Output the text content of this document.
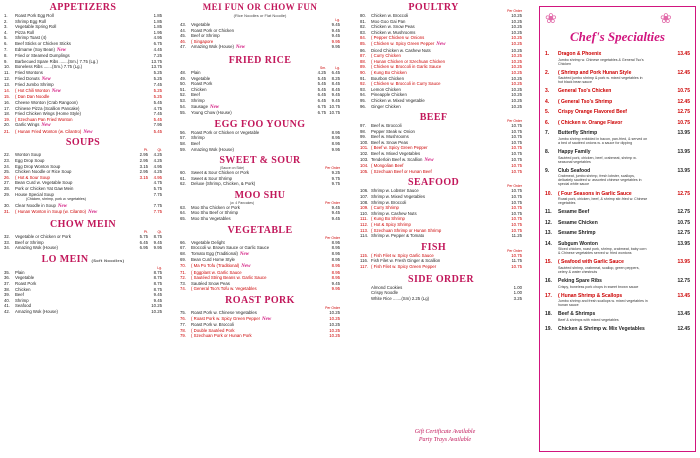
APPETIZERS
1.	Roast Pork Egg Roll	1.85
2.	Shrimp Egg Roll	1.85
3.	Vegetable Spring Roll	1.85
4.	Pizza Roll	1.95
5.	Shrimp Toast (4)	4.95
6.	Beef Sticks or Chicken Sticks	6.75
7.	Edmame (Soy Bean) New	4.45
8.	Fried or Steamed Dumplings	7.25
9.	Barbecued Spare Ribs .......(Sm.) 7.75 (Lg.)	13.75
10.	Boneless Ribs .......(Sm.) 7.75 (Lg.)	13.75
11.	Fried Wontons	5.25
12.	Fried Donuts New	5.25
13.	Fried Jumbo Shrimp	7.45
14.	( Hot Chili Wonton New	5.25
15.	( Dan Dan Noodle	5.25
16.	Cheese Wonton (Crab Rangoon)	5.45
17.	Chinese Pizza (Scallion Pancake)	4.75
18.	Fried Chicken Wings (Home Style)	7.45
19.	( Szechuan Pan Fried Wonton	5.45
20.	Garlic Wings New	7.95
21.	( Hunan Fried Wonton (w. Cilantro) New	5.45
SOUPS
Pt.	Qt.
22.	Wonton Soup	2.95	4.25
23.	Egg Drop Soup	2.95	4.25
24.	Egg Drop Wonton Soup	3.15	4.95
25.	Chicken Noodle or Rice Soup	2.95	4.25
26.	( Hot & Sour Soup	3.15	4.95
27.	Bean Curd w. Vegetable Soup	4.75
28.	Pork or Chicken Yat Gaw Mein	5.75
29.	House Special Soup	7.75
(Chicken, shrimp, pork w. vegetables)
30.	Clear Noodle in Soup New	7.75
31.	( Hunan Wonton in Soup (w. Cilantro) New	7.75
CHOW MEIN
Pt.	Qt.
32.	Vegetable or Chicken or Pork	5.75	8.75
33.	Beef or Shrimp	6.45	9.45
34.	Amazing Wok (House)	6.95	9.95
LO MEIN (Soft Noodles)
Lg.
35.	Plain	8.75
36.	Vegetable	8.75
37.	Roast Pork	8.75
38.	Chicken	8.75
39.	Beef	9.45
40.	Shrimp	9.45
41.	Seafood	10.25
42.	Amazing Wok (House)	10.25
MEI FUN OR CHOW FUN
(Rice Noodles or Flat Noodle)
Lg.
43.	Vegetable	9.45
44.	Roast Pork or Chicken	9.45
45.	Beef or Shrimp	9.45
46.	( Singapore	9.95
47.	Amazing Wok (House) New	9.95
FRIED RICE
Sm.	Lg.
48.	Plain	4.25	6.45
49.	Vegetable	5.45	8.25
50.	Roast Pork	5.45	8.45
51.	Chicken	5.45	8.45
52.	Beef	6.45	9.45
53.	Shrimp	6.45	9.45
54.	Sausage New	6.75 10.75
55.	Young Chow (House)	6.75 10.75
EGG FOO YOUNG
56.	Roast Pork or Chicken or Vegetable	8.95
57.	Shrimp	8.95
58.	Beef	8.95
59.	Amazing Wok (House)	9.95
SWEET & SOUR
(Sauce on Side)	Per Order
60.	Sweet & Sour Chicken or Pork	9.25
61.	Sweet & Sour Shrimp	9.75
62.	Deluxe (Shrimp, Chicken, & Pork)	9.75
MOO SHU
(w. 4 Pancakes)	Per Order
63.	Moo Shu Chicken or Pork	9.45
64.	Moo Shu Beef or Shrimp	9.45
65.	Moo Shu Vegetables	9.45
VEGETABLE
Per Order
66.	Vegetable Delight	8.95
67.	Broccoli w. Brown Sauce or Garlic Sauce	8.95
68.	Tomato Egg (Traditional) New	8.95
69.	Bean Curd Home Style	8.95
70.	( Ma Po Tofu (Traditional) New	8.95
71.	( Eggplant w. Garlic Sauce	8.95
72.	( Sautéed String Beans w. Garlic Sauce	8.95
73.	Sautéed Snow Peas	9.45
74.	( General Tso's Tofu w. Vegetables	9.95
ROAST PORK
Per Order
75.	Roast Pork w. Chinese Vegetables	10.25
76.	( Roast Pork w. Spicy Green Pepper New	10.25
77.	Roast Pork w. Broccoli	10.25
78.	( Double Sautéed Pork	10.25
79.	( Szechuan Pork or Hunan Pork	10.25
POULTRY	Per Order
80.	Chicken w. Broccoli	10.25
81.	Moo Goo Gai Pan	10.25
82.	Chicken w. Snow Peas	10.25
83.	Chicken w. Mushrooms	10.25
84.	( Pepper Chicken w. Onions	10.25
85.	( Chicken w. Spicy Green Pepper New	10.25
86.	Diced Chicken w. Cashew Nuts	10.25
87.	( Curry Chicken	10.25
88.	( Hunan Chicken or Szechuan Chicken	10.25
89.	( Chicken w. Broccoli in Garlic Sauce	10.25
90.	( Kung Bo Chicken	10.25
91.	Bourbon Chicken	10.25
92.	( Chicken w. Broccoli in Curry Sauce	10.25
93.	Lemon Chicken	10.25
94.	Pineapple Chicken	10.25
95.	Chicken w. Mixed Vegetable	10.25
96.	Ginger Chicken	10.25
BEEF	Per Order
97.	Beef w. Broccoli	10.75
98.	Pepper Steak w. Onion	10.75
99.	Beef w. Mushrooms	10.75
100. Beef w. Snow Peas	10.75
101. ( Beef w. Spicy Green Pepper	10.75
102. Beef w. Mixed Vegetables	10.75
103. Tenderloin Beef w. Scallion New	10.75
104. ( Mongolian Beef	10.75
105. ( Szechuan Beef or Hunan Beef	10.75
SEAFOOD	Per Order
106. Shrimp w. Lobster Sauce	10.75
107. Shrimp w. Mixed Vegetables	10.75
108. Shrimp w. Broccoli	10.75
109. ( Curry Shrimp	10.75
110. Shrimp w. Cashew Nuts	10.75
111. ( Kung Bo Shrimp	10.75
112. ( Hot & Spicy Shrimp	10.75
113. ( Szechuan Shrimp or Hunan Shrimp	10.75
114. Shrimp w. Pepper & Tomato	11.25
FISH	Per Order
115. ( Fish Filet w. Spicy Garlic Sauce	10.75
116. Fish Filet w. Fresh Ginger & Scallion	11.75
117. ( Fish Filet w. Spicy Green Pepper	10.75
SIDE ORDER
Almond Cookies	1.00
Crispy Noodle	1.00
White Rice .......(Sm) 2.25 (Lg)	3.25
Gift Certificate Available
Party Trays Available
Chef's Specialties
1.	Dragon & Phoenix	13.45
Jumbo shrimp w. Chinese vegetables & General Tso's Chicken
2.	( Shrimp and Pork Hunan Style	12.45
Sautéed jumbo shrimp & pork w. mixed vegetables in hot black bean sauce
3.	General Tso's Chicken	10.75
4.	( General Tso's Shrimp	12.45
5.	Crispy Orange Flavored Beef	12.75
6.	( Chicken w. Orange Flavor	10.75
7.	Butterfly Shrimp	13.95
Jumbo shrimp enfolded in bacon, pan-fried, & served on a bed of sautéed onions w. a sauce for dipping
8.	Happy Family	13.95
Sautéed pork, chicken, beef, crabmeat, shrimp w. seasonal vegetables
9.	Club Seafood	13.95
Crabmeat, jumbo shrimp, fresh lobster, scallops, delicately sautéed w. assorted chinese vegetables in special white sauce
10.	( Four Seasons in Garlic Sauce	12.75
Roast pork, chicken, beef, & shrimp stir-fried w. Chinese vegetables
11.	Sesame Beef	12.75
12.	Sesame Chicken	10.75
13.	Sesame Shrimp	12.75
14.	Subgum Wonton	13.95
Sliced chicken, roast pork, shrimp, crabmeat, baby corn & Chinese vegetables served w. fried wontons
15.	( Seafood with Garlic Sauce	13.95
Sautéed shrimp, crabmeat, scallop, green peppers, celery & water chestnuts
16.	Peking Spare Ribs	12.75
Crispy, boneless pork chops in sweet brown sauce
17.	( Hunan Shrimp & Scallops	13.45
Jumbo shrimp and fresh scallops w. mixed vegetables in hunan sauce
18.	Beef & Shrimps	13.45
Beef & shrimps with mixed vegetables
19.	Chicken & Shrimp w. Mix Vegetables	12.45
❀	❀
